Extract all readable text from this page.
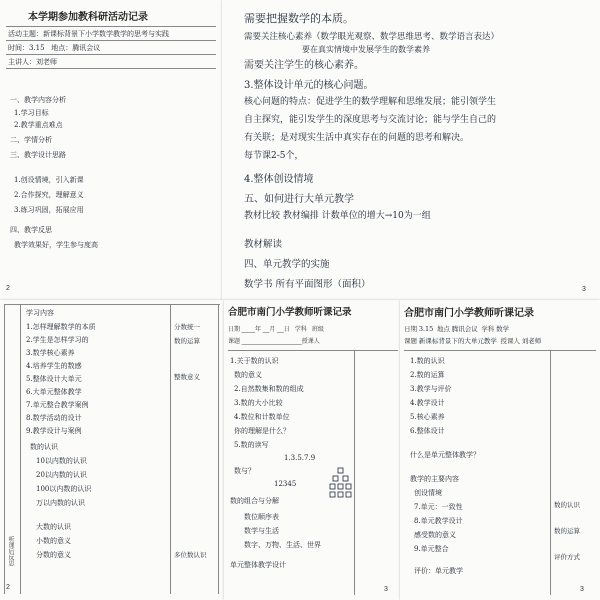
本学期参加教科研活动记录
活动主题：新课标背景下小学数学教学的思考与实践
时间：3.15 地点：腾讯会议
主讲人：刘老师
一、教学内容分析
1.学习目标
2.教学重点难点
二、学情分析
三、教学设计思路
1.创设情境，引入新课
2.合作探究，理解意义
3.练习巩固，拓展应用
四、教学反思
教学效果好，学生参与度高
2
需要把握数学的本质。
需要关注核心素养（数学眼光观察、数学思维思考、数学语言表达）
要在真实情境中发展学生的数学素养
需要关注学生的核心素养。
3.整体设计单元的核心问题。
核心问题的特点：促进学生的数学理解和思维发展；能引领学生
自主探究，能引发学生的深度思考与交流讨论；能与学生自己的
有关联；是对现实生活中真实存在的问题的思考和解决。
每节课2-5个，
4.整体创设情境
五、如何进行大单元教学
教材比较 教材编排 计数单位的增大→10为一组
教材解读
四、单元教学的实施
数学书 所有平面图形（面积）	3
学习内容
1.怎样理解数学的本质
2.学生是怎样学习的
3.数学核心素养
4.培养学生的数感
5.整体设计大单元
6.大单元整体教学
7.单元整合教学案例
8.数学活动的设计
9.教学设计与案例
数的认识
10以内数的认识
20以内数的认识
100以内数的认识
万以内数的认识
大数的认识
小数的意义
分数的意义
分数统一
数的运算
整数意义
多位数认识
听课后反思
2
合肥市南门小学教师听课记录
日期 ____年 __月 __日 学科 班级
课题 __________________授课人
1.关于数的认识
数的意义
2.自然数集和数的组成
3.数的大小比较
4.数位和计数单位
你的理解是什么？
5.数的读写
1.3.5.7.9
数与？
12345
数的组合与分解
数位顺序表
数学与生活
数字、万物、生活、世界
单元整体教学设计
3
合肥市南门小学教师听课记录
日期 3.15 地点 腾讯会议 学科 数学
课题 新课标背景下的大单元教学 授课人 刘老师
1.数的认识
2.数的运算
3.教学与评价
4.教学设计
5.核心素养
6.整体设计
什么是单元整体教学？
教学的主要内容
创设情境
7.单元：一致性
8.单元教学设计
感受数的意义
9.单元整合
评价：单元教学
数的认识
数的运算
评价方式
3
